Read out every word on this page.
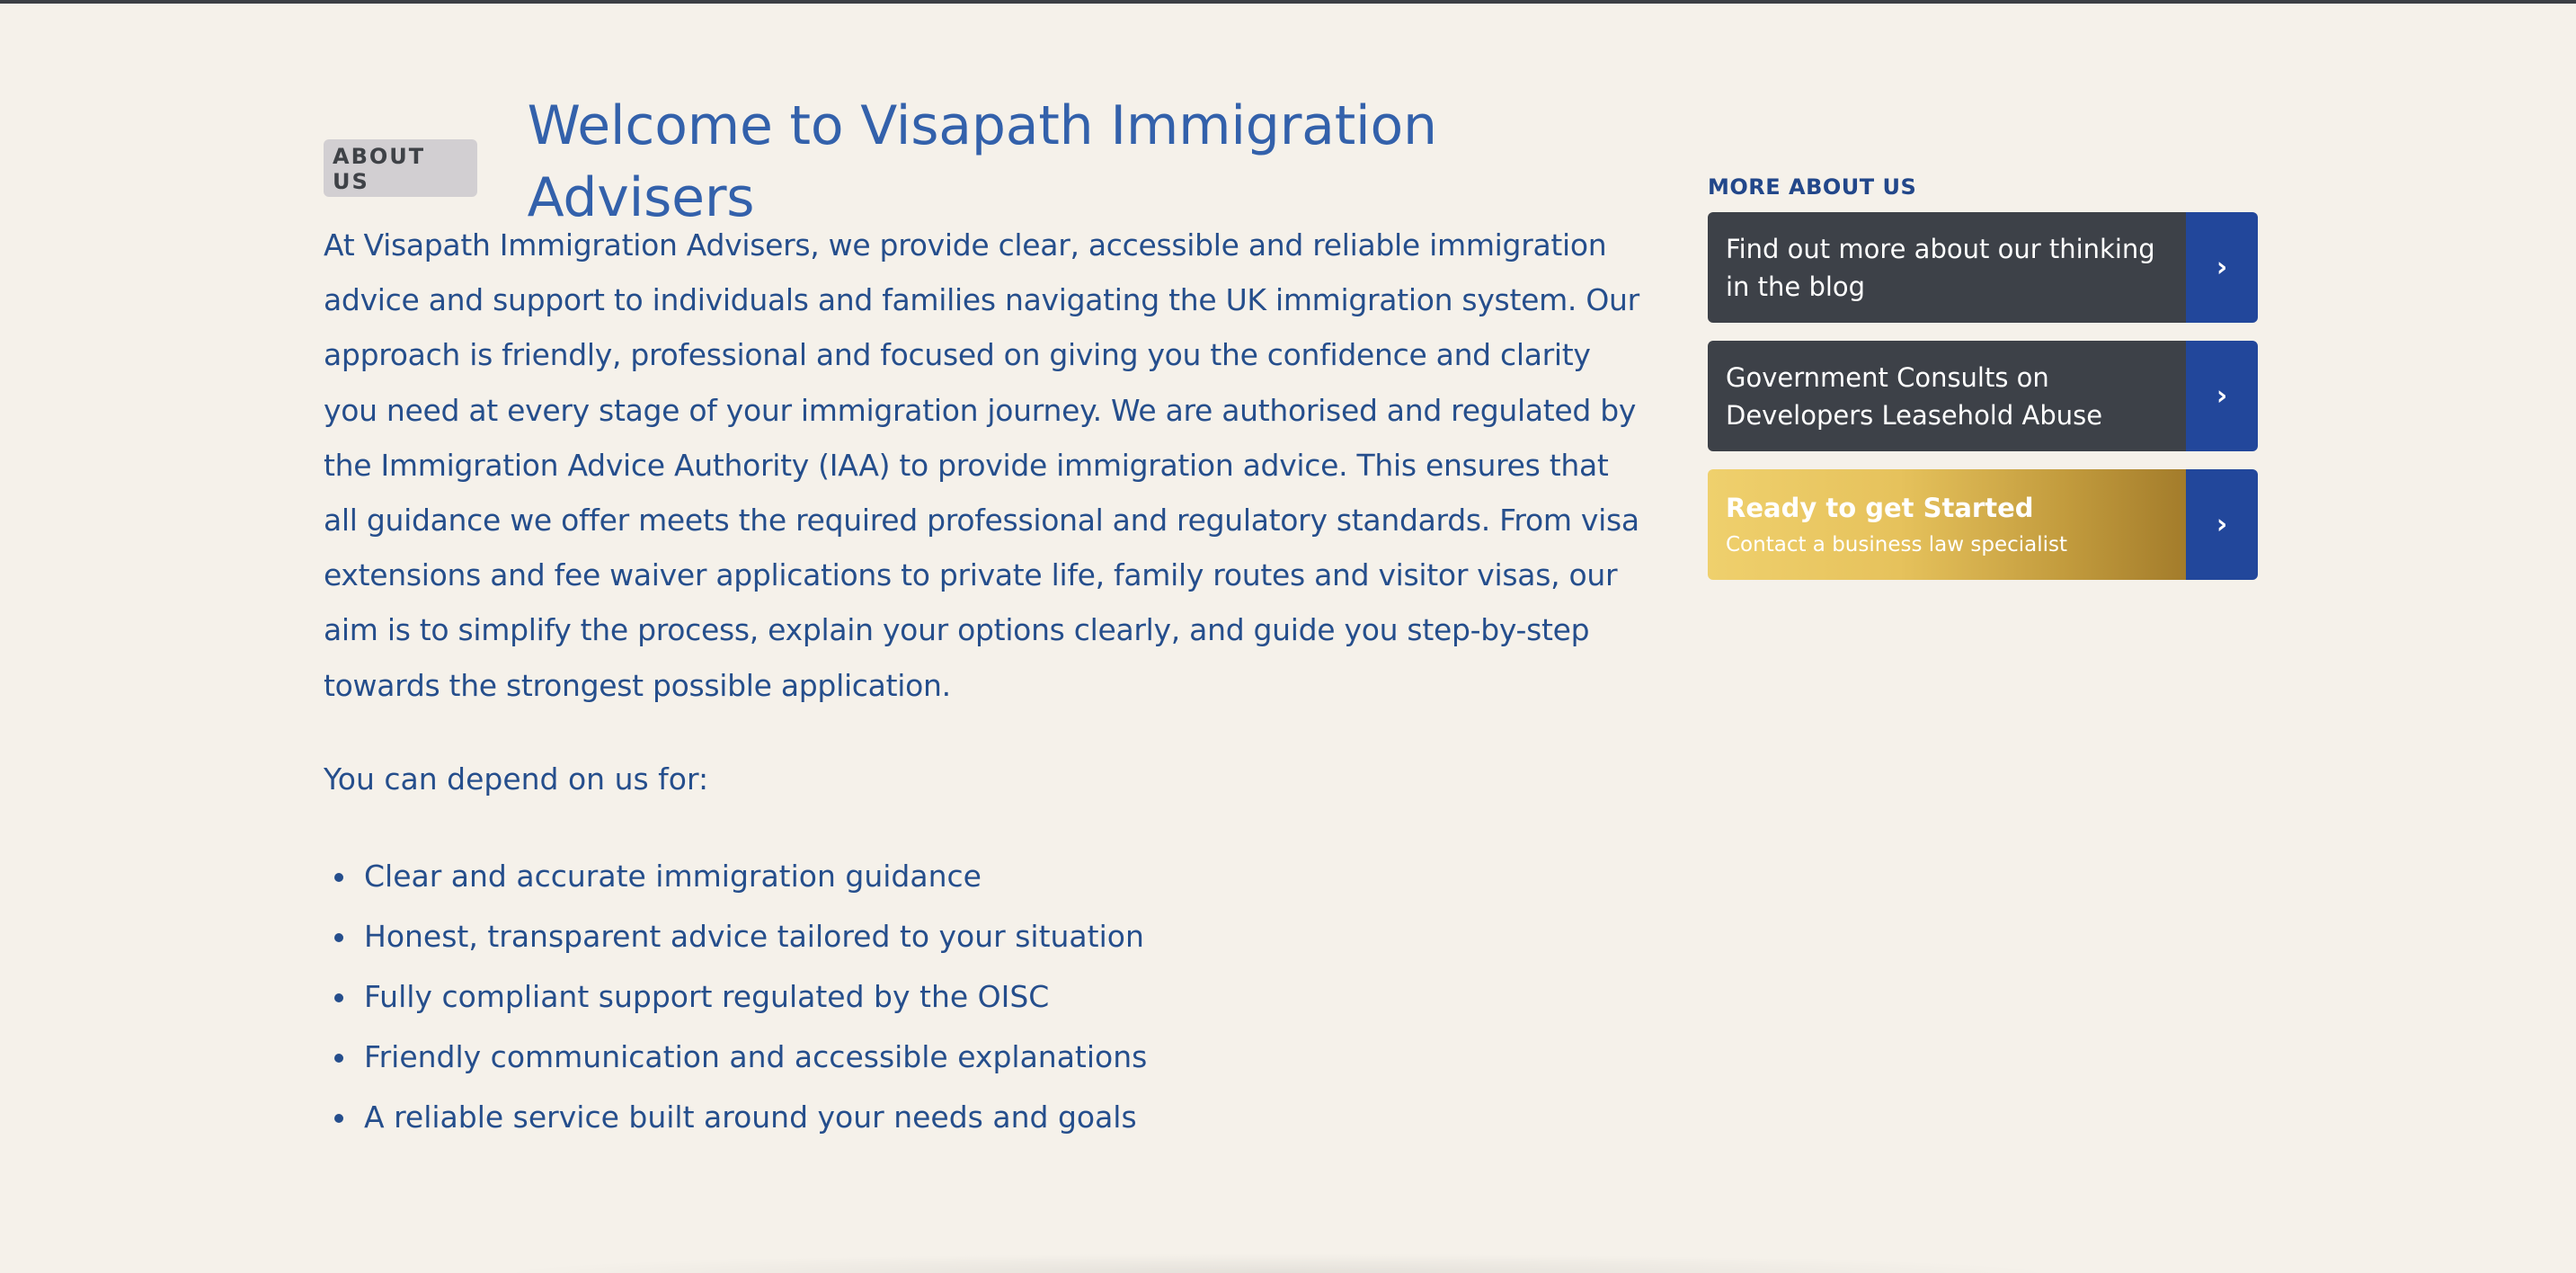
ABOUT US
Welcome to Visapath Immigration Advisers

At Visapath Immigration Advisers, we provide clear, accessible and reliable immigration advice and support to individuals and families navigating the UK immigration system. Our approach is friendly, professional and focused on giving you the confidence and clarity you need at every stage of your immigration journey. We are authorised and regulated by the Immigration Advice Authority (IAA) to provide immigration advice. This ensures that all guidance we offer meets the required professional and regulatory standards. From visa extensions and fee waiver applications to private life, family routes and visitor visas, our aim is to simplify the process, explain your options clearly, and guide you step-by-step towards the strongest possible application.

You can depend on us for:

Clear and accurate immigration guidance
Honest, transparent advice tailored to your situation
Fully compliant support regulated by the OISC
Friendly communication and accessible explanations
A reliable service built around your needs and goals
MORE ABOUT US
Find out more about our thinking in the blog
›
Government Consults on Developers Leasehold Abuse
›
Ready to get Started
Contact a business law specialist
›
